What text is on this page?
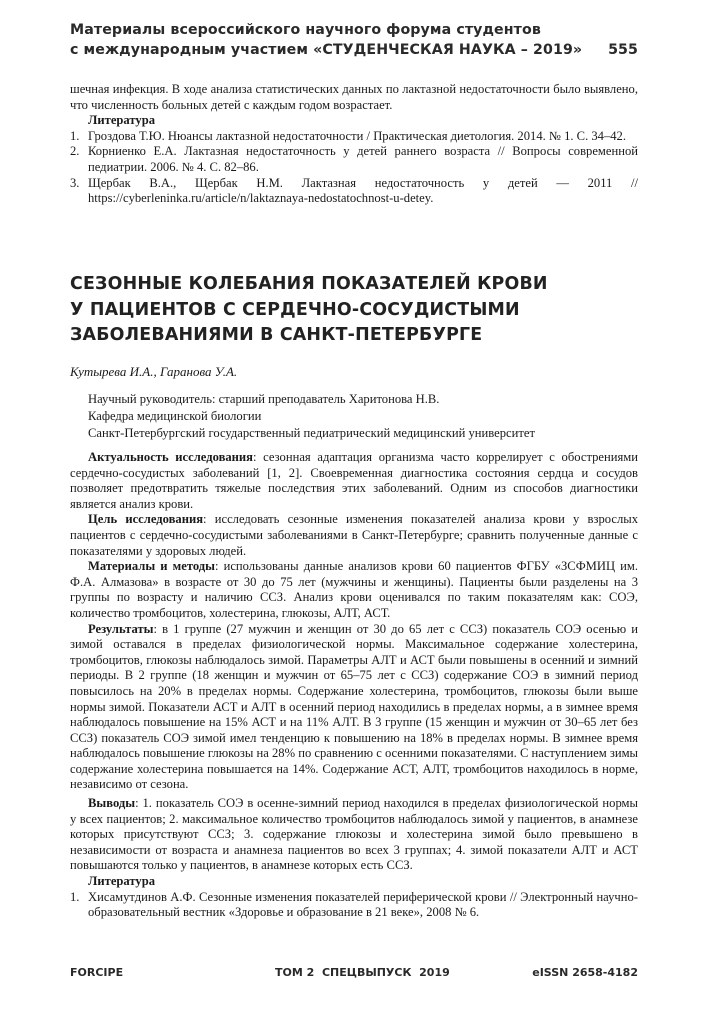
Материалы всероссийского научного форума студентов
с международным участием «СТУДЕНЧЕСКАЯ НАУКА – 2019»	555

шечная инфекция. В ходе анализа статистических данных по лактазной недостаточности было выявлено, что численность больных детей с каждым годом возрастает.

Литература

1. Гроздова Т.Ю. Нюансы лактазной недостаточности / Практическая диетология. 2014. № 1. С. 34–42.
2. Корниенко Е.А. Лактазная недостаточность у детей раннего возраста // Вопросы современной педиатрии. 2006. № 4. С. 82–86.
3. Щербак В.А., Щербак Н.М. Лактазная недостаточность у детей — 2011 // https://cyberleninka.ru/article/n/laktaznaya-nedostatochnost-u-detey.
СЕЗОННЫЕ КОЛЕБАНИЯ ПОКАЗАТЕЛЕЙ КРОВИ
У ПАЦИЕНТОВ С СЕРДЕЧНО-СОСУДИСТЫМИ
ЗАБОЛЕВАНИЯМИ В САНКТ-ПЕТЕРБУРГЕ
Кутырева И.А., Гаранова У.А.
Научный руководитель: старший преподаватель Харитонова Н.В.
Кафедра медицинской биологии
Санкт-Петербургский государственный педиатрический медицинский университет

Актуальность исследования: сезонная адаптация организма часто коррелирует с обострениями сердечно-сосудистых заболеваний [1, 2]. Своевременная диагностика состояния сердца и сосудов позволяет предотвратить тяжелые последствия этих заболеваний. Одним из способов диагностики является анализ крови.

Цель исследования: исследовать сезонные изменения показателей анализа крови у взрослых пациентов с сердечно-сосудистыми заболеваниями в Санкт-Петербурге; сравнить полученные данные с показателями у здоровых людей.

Материалы и методы: использованы данные анализов крови 60 пациентов ФГБУ «ЗСФМИЦ им. Ф.А. Алмазова» в возрасте от 30 до 75 лет (мужчины и женщины). Пациенты были разделены на 3 группы по возрасту и наличию ССЗ. Анализ крови оценивался по таким показателям как: СОЭ, количество тромбоцитов, холестерина, глюкозы, АЛТ, АСТ.

Результаты: в 1 группе (27 мужчин и женщин от 30 до 65 лет с ССЗ) показатель СОЭ осенью и зимой оставался в пределах физиологической нормы. Максимальное содержание холестерина, тромбоцитов, глюкозы наблюдалось зимой. Параметры АЛТ и АСТ были повышены в осенний и зимний периоды. В 2 группе (18 женщин и мужчин от 65–75 лет с ССЗ) содержание СОЭ в зимний период повысилось на 20% в пределах нормы. Содержание холестерина, тромбоцитов, глюкозы были выше нормы зимой. Показатели АСТ и АЛТ в осенний период находились в пределах нормы, а в зимнее время наблюдалось повышение на 15% АСТ и на 11% АЛТ. В 3 группе (15 женщин и мужчин от 30–65 лет без ССЗ) показатель СОЭ зимой имел тенденцию к повышению на 18% в пределах нормы. В зимнее время наблюдалось повышение глюкозы на 28% по сравнению с осенними показателями. С наступлением зимы содержание холестерина повышается на 14%. Содержание АСТ, АЛТ, тромбоцитов находилось в норме, независимо от сезона.

Выводы: 1. показатель СОЭ в осенне-зимний период находился в пределах физиологической нормы у всех пациентов; 2. максимальное количество тромбоцитов наблюдалось зимой у пациентов, в анамнезе которых присутствуют ССЗ; 3. содержание глюкозы и холестерина зимой было превышено в независимости от возраста и анамнеза пациентов во всех 3 группах; 4. зимой показатели АЛТ и АСТ повышаются только у пациентов, в анамнезе которых есть ССЗ.

Литература

1. Хисамутдинов А.Ф. Сезонные изменения показателей периферической крови // Электронный научно-образовательный вестник «Здоровье и образование в 21 веке», 2008 № 6.
FORCIPE	ТОМ 2  СПЕЦВЫПУСК  2019	eISSN 2658-4182
